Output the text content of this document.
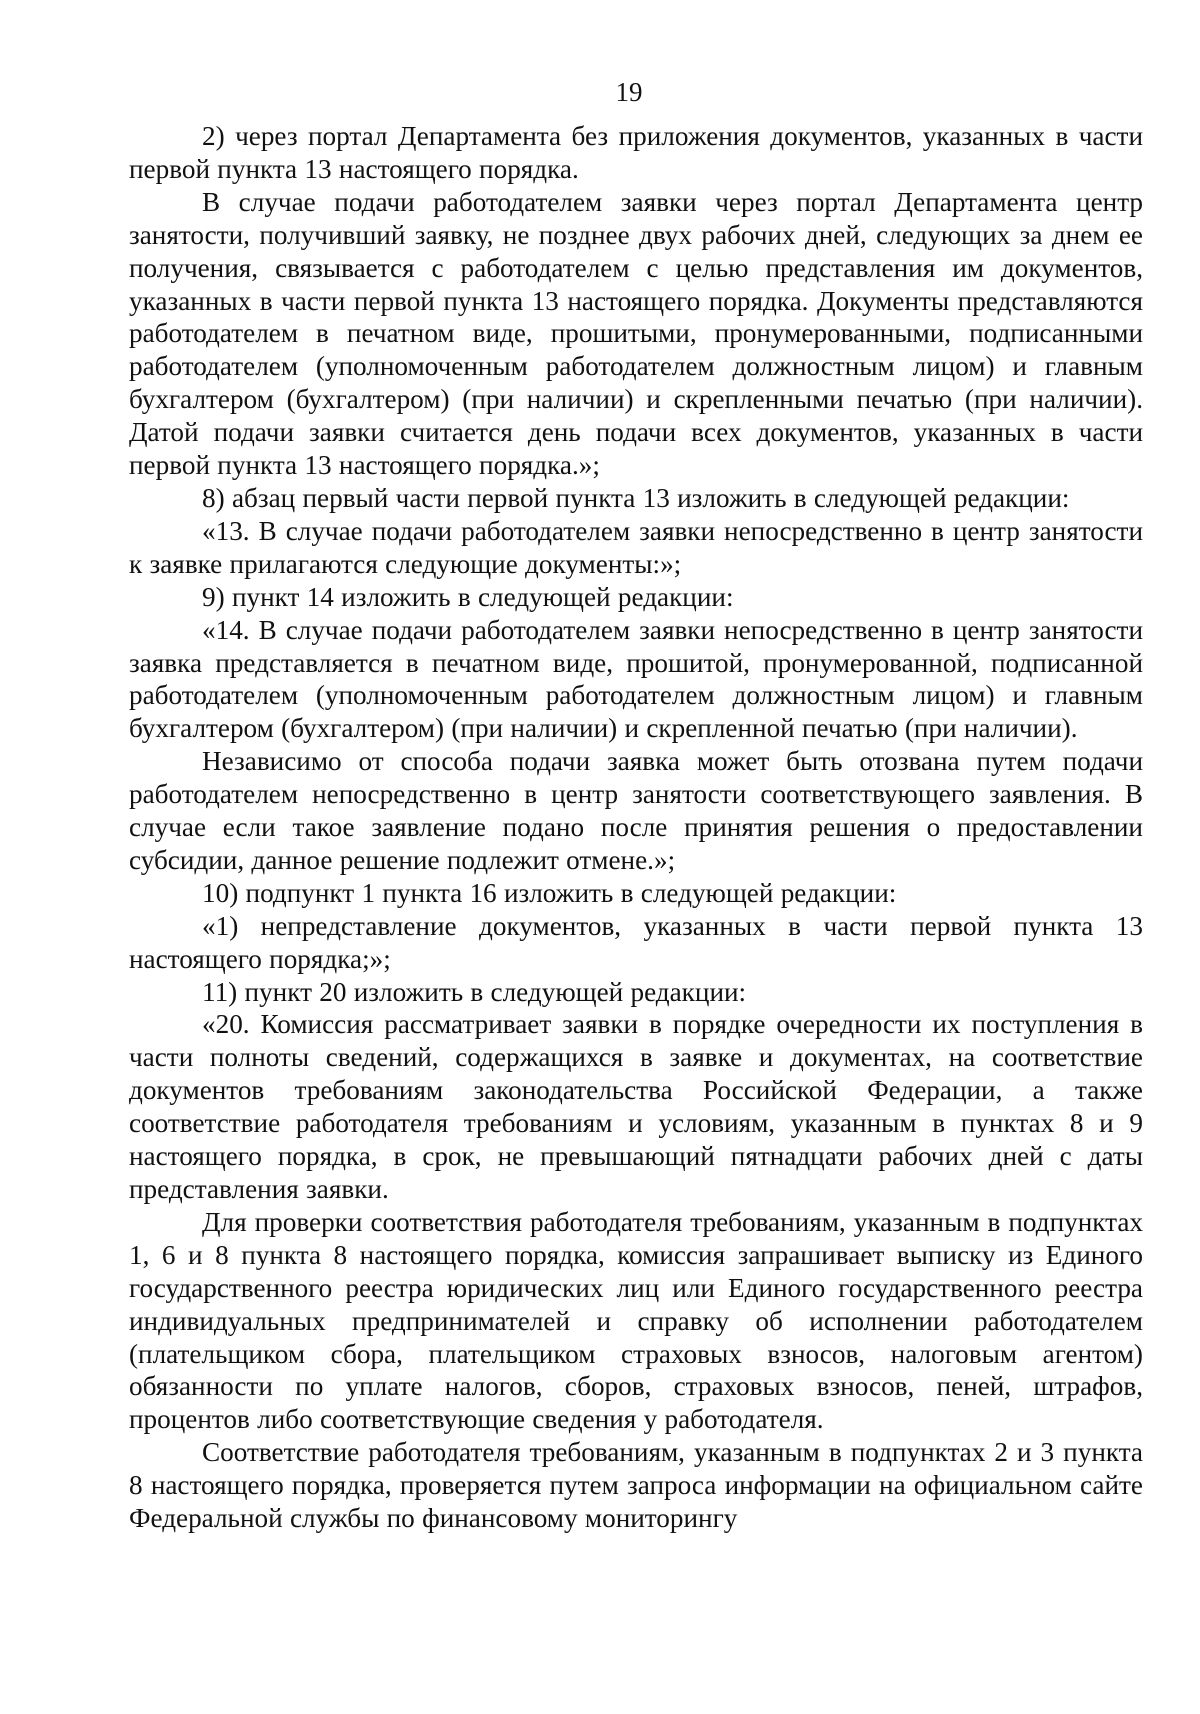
19

2) через портал Департамента без приложения документов, указанных в части первой пункта 13 настоящего порядка.

В случае подачи работодателем заявки через портал Департамента центр занятости, получивший заявку, не позднее двух рабочих дней, следующих за днем ее получения, связывается с работодателем с целью представления им документов, указанных в части первой пункта 13 настоящего порядка. Документы представляются работодателем в печатном виде, прошитыми, пронумерованными, подписанными работодателем (уполномоченным работодателем должностным лицом) и главным бухгалтером (бухгалтером) (при наличии) и скрепленными печатью (при наличии). Датой подачи заявки считается день подачи всех документов, указанных в части первой пункта 13 настоящего порядка.»;

8) абзац первый части первой пункта 13 изложить в следующей редакции:

«13. В случае подачи работодателем заявки непосредственно в центр занятости к заявке прилагаются следующие документы:»;

9) пункт 14 изложить в следующей редакции:

«14. В случае подачи работодателем заявки непосредственно в центр занятости заявка представляется в печатном виде, прошитой, пронумерованной, подписанной работодателем (уполномоченным работодателем должностным лицом) и главным бухгалтером (бухгалтером) (при наличии) и скрепленной печатью (при наличии).

Независимо от способа подачи заявка может быть отозвана путем подачи работодателем непосредственно в центр занятости соответствующего заявления. В случае если такое заявление подано после принятия решения о предоставлении субсидии, данное решение подлежит отмене.»;

10) подпункт 1 пункта 16 изложить в следующей редакции:

«1) непредставление документов, указанных в части первой пункта 13 настоящего порядка;»;

11) пункт 20 изложить в следующей редакции:

«20. Комиссия рассматривает заявки в порядке очередности их поступления в части полноты сведений, содержащихся в заявке и документах, на соответствие документов требованиям законодательства Российской Федерации, а также соответствие работодателя требованиям и условиям, указанным в пунктах 8 и 9 настоящего порядка, в срок, не превышающий пятнадцати рабочих дней с даты представления заявки.

Для проверки соответствия работодателя требованиям, указанным в подпунктах 1, 6 и 8 пункта 8 настоящего порядка, комиссия запрашивает выписку из Единого государственного реестра юридических лиц или Единого государственного реестра индивидуальных предпринимателей и справку об исполнении работодателем (плательщиком сбора, плательщиком страховых взносов, налоговым агентом) обязанности по уплате налогов, сборов, страховых взносов, пеней, штрафов, процентов либо соответствующие сведения у работодателя.

Соответствие работодателя требованиям, указанным в подпунктах 2 и 3 пункта 8 настоящего порядка, проверяется путем запроса информации на официальном сайте Федеральной службы по финансовому мониторингу
